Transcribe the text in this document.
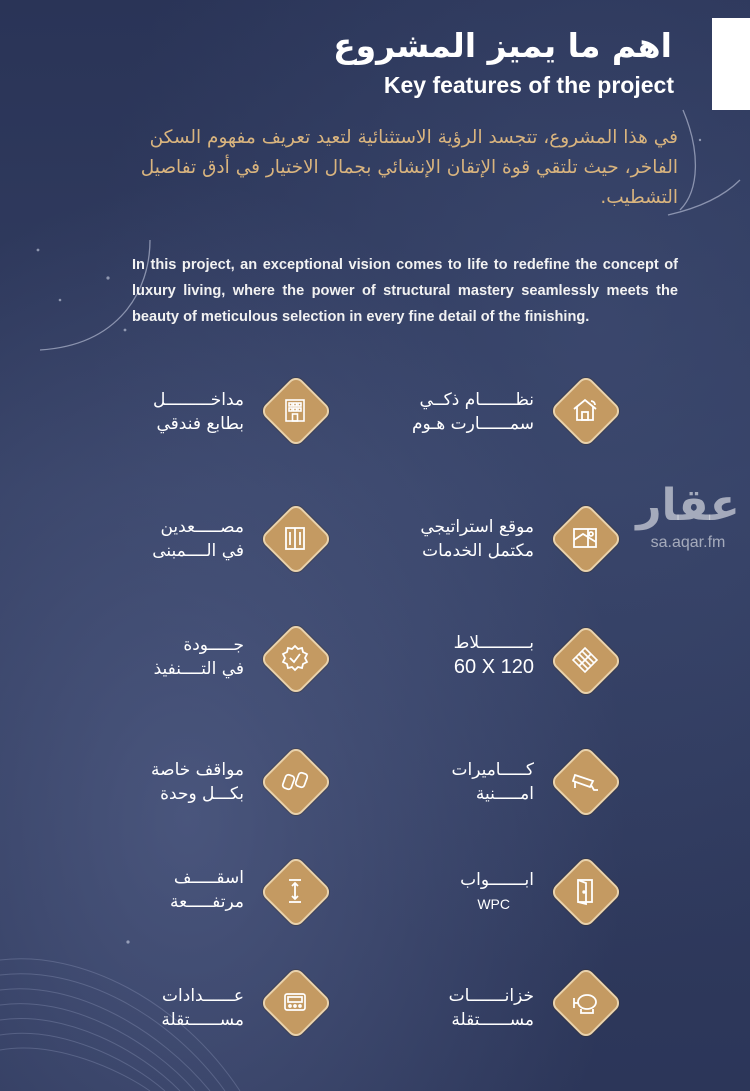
اهم ما يميز المشروع
Key features of the project
في هذا المشروع، تتجسد الرؤية الاستثنائية لتعيد تعريف مفهوم السكن الفاخر، حيث تلتقي قوة الإتقان الإنشائي بجمال الاختيار في أدق تفاصيل التشطيب.
In this project, an exceptional vision comes to life to redefine the concept of luxury living, where the power of structural mastery seamlessly meets the beauty of meticulous selection in every fine detail of the finishing.
نظـــــــام ذكــي
سمــــــارت هـوم
موقع استراتيجي
مكتمل الخدمات
بــــــــــلاط
60 X 120
كـــــاميرات
امـــــنية
ابـــــــواب
WPC
خزانـــــــات
مســــــتقلة
مداخـــــــــل
بطابع فندقي
مصـــــعدين
في الــــمبنى
جـــــودة
في التــــنفيذ
مواقف خاصة
بكـــل وحدة
اسقـــــف
مرتفـــــعة
عــــــدادات
مســــــتقلة
عقار
sa.aqar.fm
